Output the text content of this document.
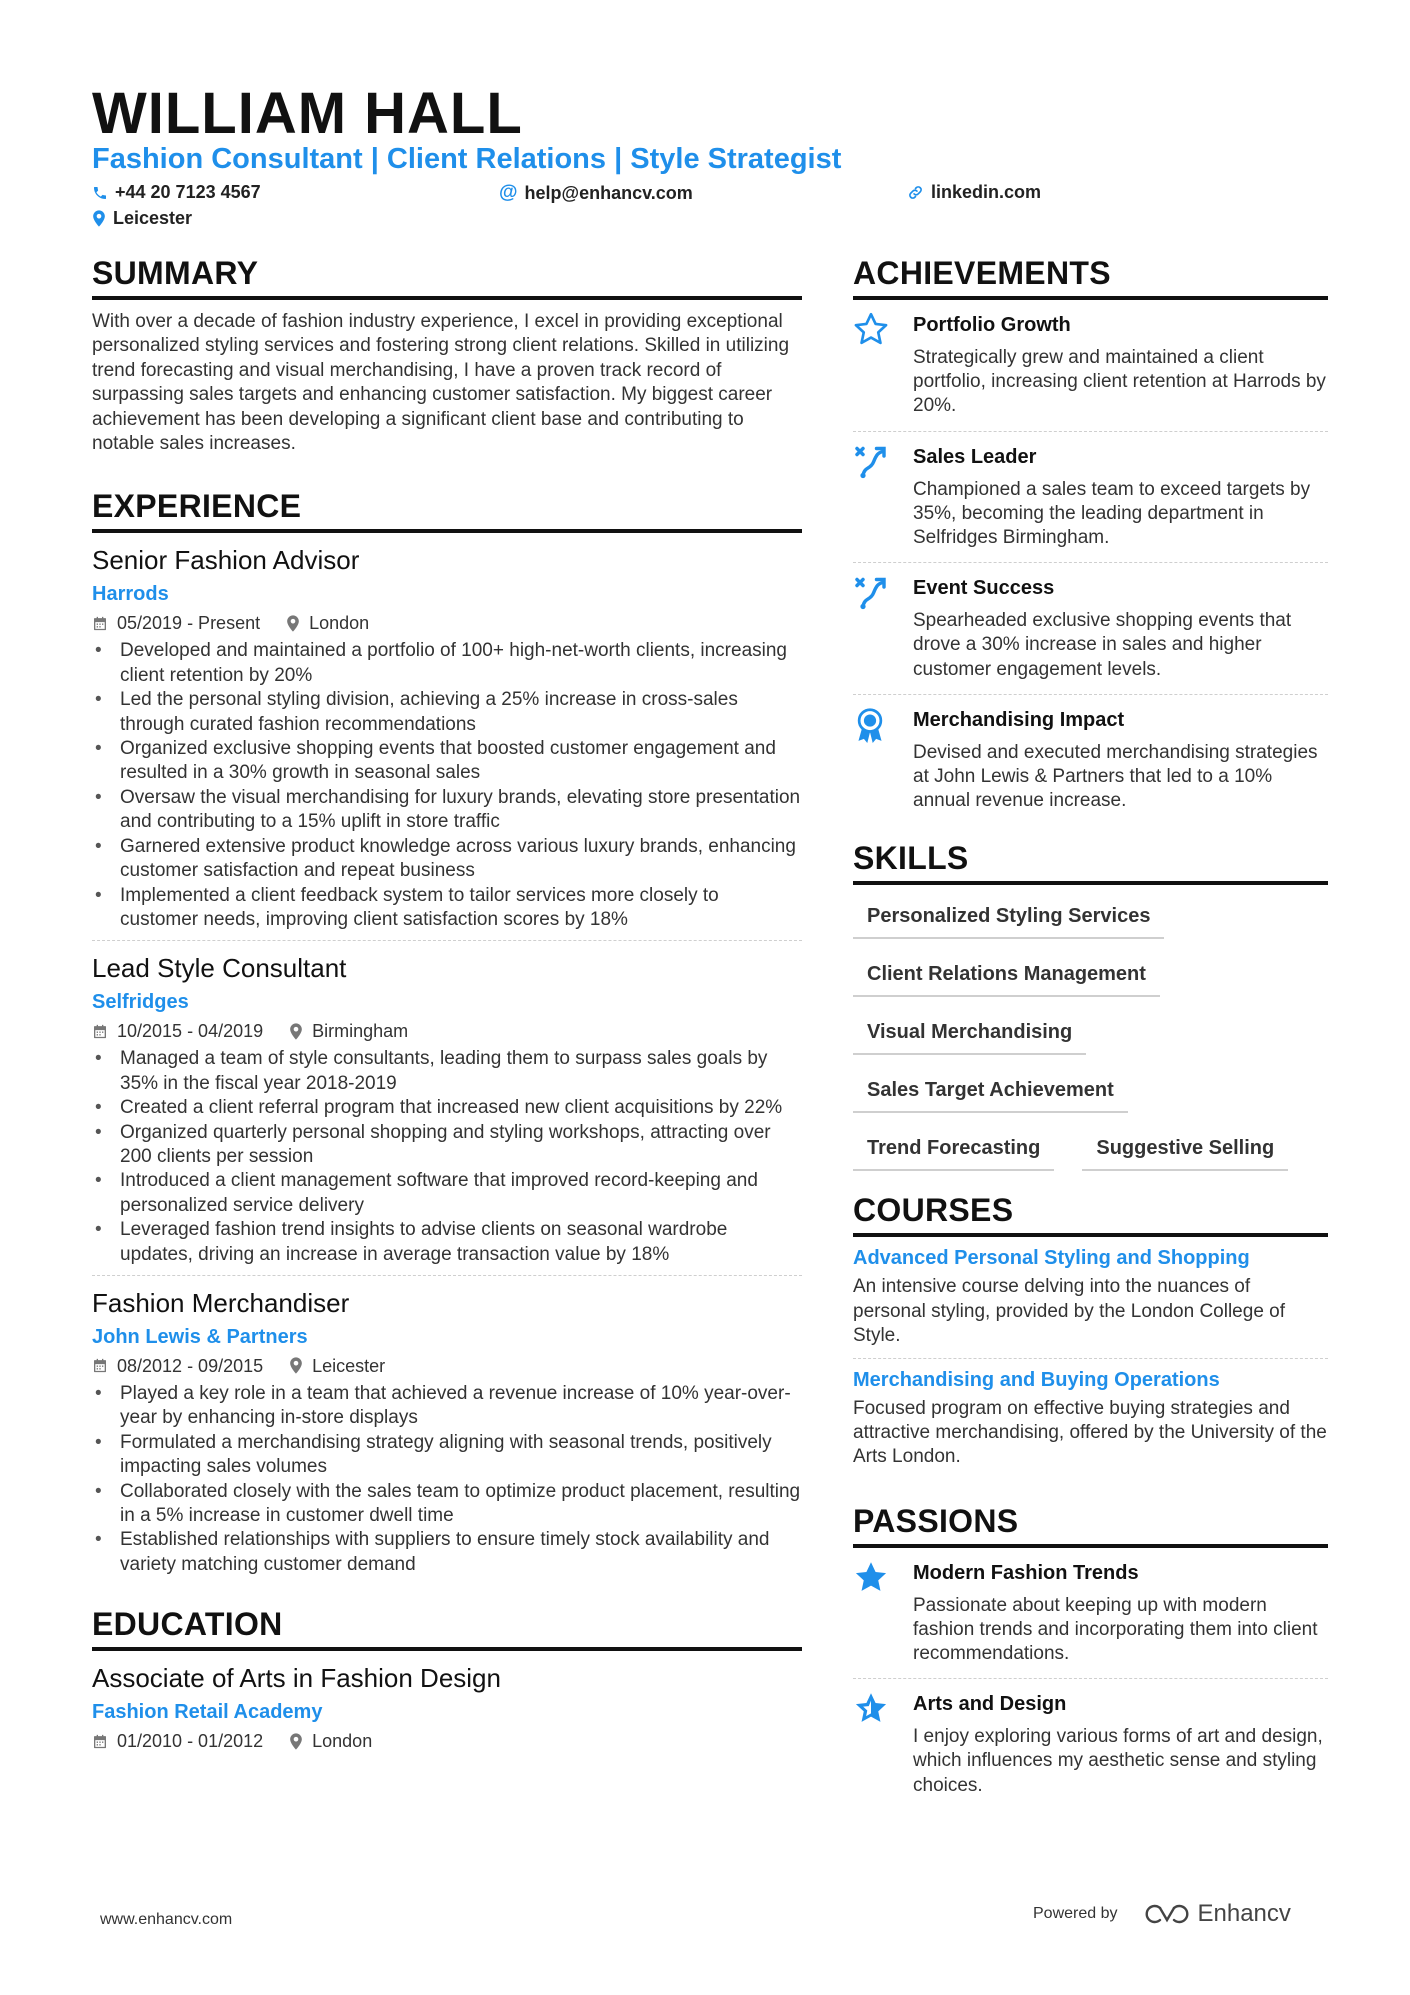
WILLIAM HALL
Fashion Consultant | Client Relations | Style Strategist
+44 20 7123 4567	@ help@enhancv.com	linkedin.com
Leicester
SUMMARY
With over a decade of fashion industry experience, I excel in providing exceptional personalized styling services and fostering strong client relations. Skilled in utilizing trend forecasting and visual merchandising, I have a proven track record of surpassing sales targets and enhancing customer satisfaction. My biggest career achievement has been developing a significant client base and contributing to notable sales increases.
EXPERIENCE
Senior Fashion Advisor
Harrods
05/2019 - Present	London
• Developed and maintained a portfolio of 100+ high-net-worth clients, increasing client retention by 20%
• Led the personal styling division, achieving a 25% increase in cross-sales through curated fashion recommendations
• Organized exclusive shopping events that boosted customer engagement and resulted in a 30% growth in seasonal sales
• Oversaw the visual merchandising for luxury brands, elevating store presentation and contributing to a 15% uplift in store traffic
• Garnered extensive product knowledge across various luxury brands, enhancing customer satisfaction and repeat business
• Implemented a client feedback system to tailor services more closely to customer needs, improving client satisfaction scores by 18%
Lead Style Consultant
Selfridges
10/2015 - 04/2019	Birmingham
• Managed a team of style consultants, leading them to surpass sales goals by 35% in the fiscal year 2018-2019
• Created a client referral program that increased new client acquisitions by 22%
• Organized quarterly personal shopping and styling workshops, attracting over 200 clients per session
• Introduced a client management software that improved record-keeping and personalized service delivery
• Leveraged fashion trend insights to advise clients on seasonal wardrobe updates, driving an increase in average transaction value by 18%
Fashion Merchandiser
John Lewis & Partners
08/2012 - 09/2015	Leicester
• Played a key role in a team that achieved a revenue increase of 10% year-over-year by enhancing in-store displays
• Formulated a merchandising strategy aligning with seasonal trends, positively impacting sales volumes
• Collaborated closely with the sales team to optimize product placement, resulting in a 5% increase in customer dwell time
• Established relationships with suppliers to ensure timely stock availability and variety matching customer demand
EDUCATION
Associate of Arts in Fashion Design
Fashion Retail Academy
01/2010 - 01/2012	London
ACHIEVEMENTS
Portfolio Growth
Strategically grew and maintained a client portfolio, increasing client retention at Harrods by 20%.
Sales Leader
Championed a sales team to exceed targets by 35%, becoming the leading department in Selfridges Birmingham.
Event Success
Spearheaded exclusive shopping events that drove a 30% increase in sales and higher customer engagement levels.
Merchandising Impact
Devised and executed merchandising strategies at John Lewis & Partners that led to a 10% annual revenue increase.
SKILLS
Personalized Styling Services
Client Relations Management
Visual Merchandising
Sales Target Achievement
Trend Forecasting	Suggestive Selling
COURSES
Advanced Personal Styling and Shopping
An intensive course delving into the nuances of personal styling, provided by the London College of Style.
Merchandising and Buying Operations
Focused program on effective buying strategies and attractive merchandising, offered by the University of the Arts London.
PASSIONS
Modern Fashion Trends
Passionate about keeping up with modern fashion trends and incorporating them into client recommendations.
Arts and Design
I enjoy exploring various forms of art and design, which influences my aesthetic sense and styling choices.
www.enhancv.com	Powered by	Enhancv
